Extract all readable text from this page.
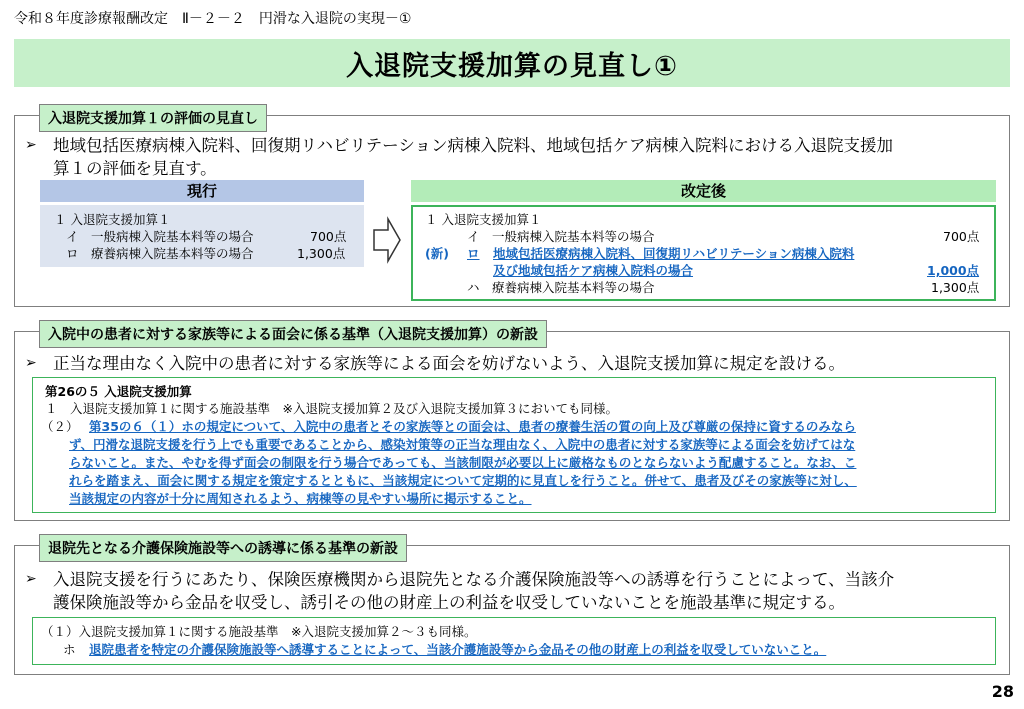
令和８年度診療報酬改定　Ⅱ－２－２　円滑な入退院の実現－①
入退院支援加算の見直し①
入退院支援加算１の評価の見直し
➢ 地域包括医療病棟入院料、回復期リハビリテーション病棟入院料、地域包括ケア病棟入院料における入退院支援加
算１の評価を見直す。
現行
１ 入退院支援加算１
イ　一般病棟入院基本料等の場合	700点
ロ　療養病棟入院基本料等の場合	1,300点
改定後
１ 入退院支援加算１
イ　一般病棟入院基本料等の場合	700点
(新) ロ 地域包括医療病棟入院料、回復期リハビリテーション病棟入院料
及び地域包括ケア病棟入院料の場合	1,000点
ハ　療養病棟入院基本料等の場合	1,300点
入院中の患者に対する家族等による面会に係る基準（入退院支援加算）の新設
➢ 正当な理由なく入院中の患者に対する家族等による面会を妨げないよう、入退院支援加算に規定を設ける。
第26の５ 入退院支援加算
１　入退院支援加算１に関する施設基準　※入退院支援加算２及び入退院支援加算３においても同様。
（２） 第35の６（１）ホの規定について、入院中の患者とその家族等との面会は、患者の療養生活の質の向上及び尊厳の保持に資するのみなら
ず、円滑な退院支援を行う上でも重要であることから、感染対策等の正当な理由なく、入院中の患者に対する家族等による面会を妨げてはな
らないこと。また、やむを得ず面会の制限を行う場合であっても、当該制限が必要以上に厳格なものとならないよう配慮すること。なお、こ
れらを踏まえ、面会に関する規定を策定するとともに、当該規定について定期的に見直しを行うこと。併せて、患者及びその家族等に対し、
当該規定の内容が十分に周知されるよう、病棟等の見やすい場所に掲示すること。
退院先となる介護保険施設等への誘導に係る基準の新設
➢ 入退院支援を行うにあたり、保険医療機関から退院先となる介護保険施設等への誘導を行うことによって、当該介
護保険施設等から金品を収受し、誘引その他の財産上の利益を収受していないことを施設基準に規定する。
（１）入退院支援加算１に関する施設基準　※入退院支援加算２～３も同様。
ホ 退院患者を特定の介護保険施設等へ誘導することによって、当該介護施設等から金品その他の財産上の利益を収受していないこと。
28
